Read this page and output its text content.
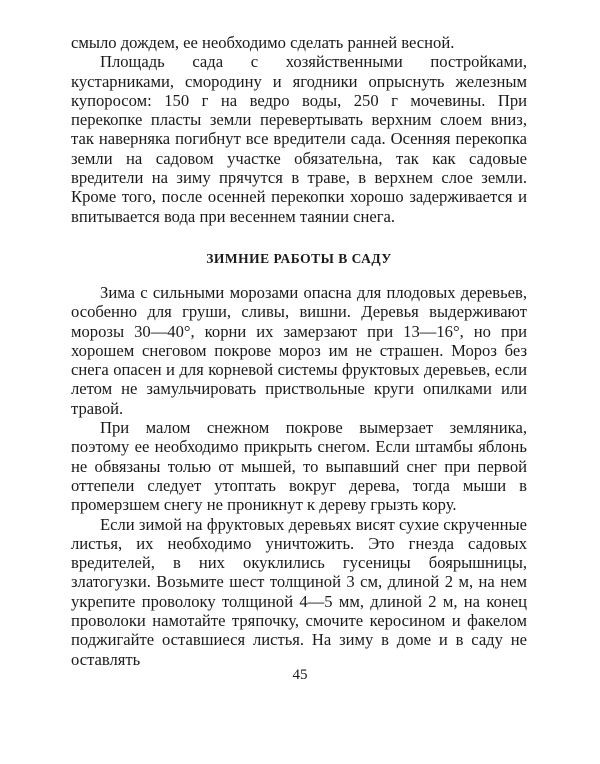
смыло дождем, ее необходимо сделать ранней весной.

Площадь сада с хозяйственными постройками, кустарниками, смородину и ягодники опрыснуть железным купоросом: 150 г на ведро воды, 250 г мочевины. При перекопке пласты земли перевертывать верхним слоем вниз, так наверняка погибнут все вредители сада. Осенняя перекопка земли на садовом участке обязательна, так как садовые вредители на зиму прячутся в траве, в верхнем слое земли. Кроме того, после осенней перекопки хорошо задерживается и впитывается вода при весеннем таянии снега.

ЗИМНИЕ РАБОТЫ В САДУ

Зима с сильными морозами опасна для плодовых деревьев, особенно для груши, сливы, вишни. Деревья выдерживают морозы 30—40°, корни их замерзают при 13—16°, но при хорошем снеговом покрове мороз им не страшен. Мороз без снега опасен и для корневой системы фруктовых деревьев, если летом не замульчировать приствольные круги опилками или травой.

При малом снежном покрове вымерзает земляника, поэтому ее необходимо прикрыть снегом. Если штамбы яблонь не обвязаны толью от мышей, то выпавший снег при первой оттепели следует утоптать вокруг дерева, тогда мыши в промерзшем снегу не проникнут к дереву грызть кору.

Если зимой на фруктовых деревьях висят сухие скрученные листья, их необходимо уничтожить. Это гнезда садовых вредителей, в них окуклились гусеницы боярышницы, златогузки. Возьмите шест толщиной 3 см, длиной 2 м, на нем укрепите проволоку толщиной 4—5 мм, длиной 2 м, на конец проволоки намотайте тряпочку, смочите керосином и факелом поджигайте оставшиеся листья. На зиму в доме и в саду не оставлять

45
